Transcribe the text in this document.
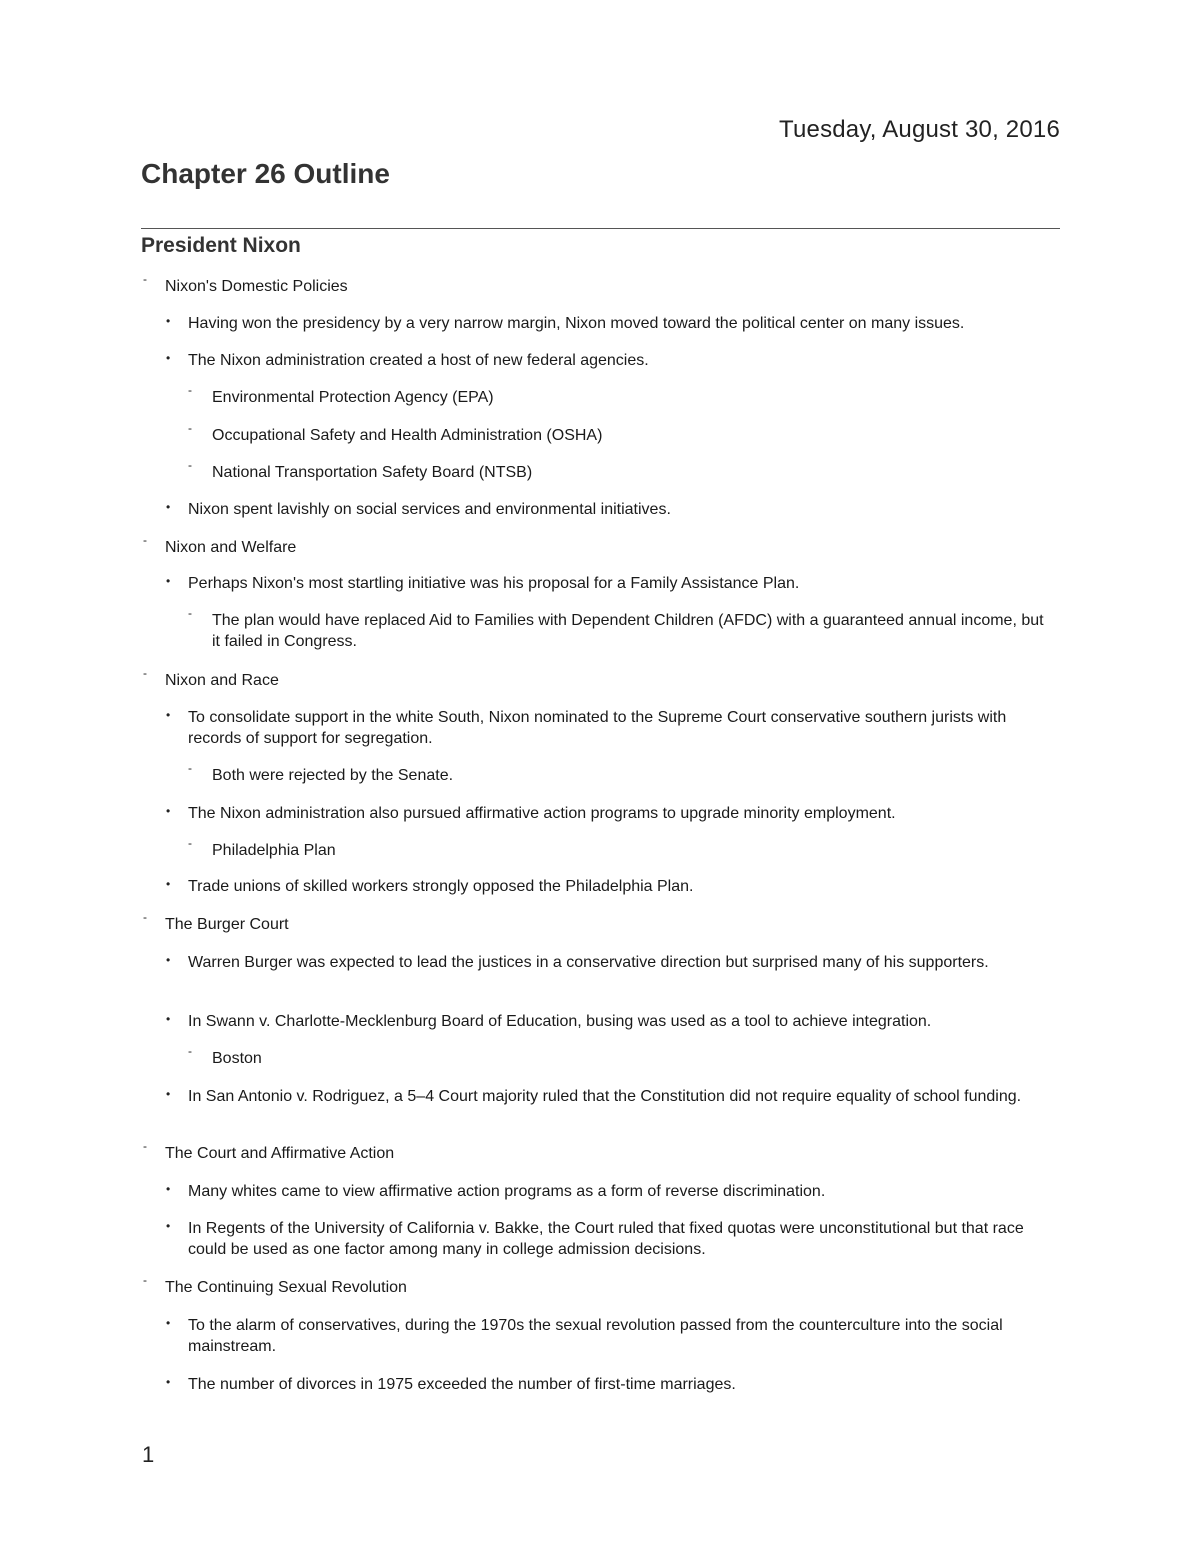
Tuesday, August 30, 2016
Chapter 26 Outline
President Nixon
- Nixon's Domestic Policies
• Having won the presidency by a very narrow margin, Nixon moved toward the political center on many issues.
• The Nixon administration created a host of new federal agencies.
- Environmental Protection Agency (EPA)
- Occupational Safety and Health Administration (OSHA)
- National Transportation Safety Board (NTSB)
• Nixon spent lavishly on social services and environmental initiatives.
- Nixon and Welfare
• Perhaps Nixon's most startling initiative was his proposal for a Family Assistance Plan.
- The plan would have replaced Aid to Families with Dependent Children (AFDC) with a guaranteed annual income, but it failed in Congress.
- Nixon and Race
• To consolidate support in the white South, Nixon nominated to the Supreme Court conservative southern jurists with records of support for segregation.
- Both were rejected by the Senate.
• The Nixon administration also pursued affirmative action programs to upgrade minority employment.
- Philadelphia Plan
• Trade unions of skilled workers strongly opposed the Philadelphia Plan.
- The Burger Court
• Warren Burger was expected to lead the justices in a conservative direction but surprised many of his supporters.
• In Swann v. Charlotte-Mecklenburg Board of Education, busing was used as a tool to achieve integration.
- Boston
• In San Antonio v. Rodriguez, a 5–4 Court majority ruled that the Constitution did not require equality of school funding.
- The Court and Affirmative Action
• Many whites came to view affirmative action programs as a form of reverse discrimination.
• In Regents of the University of California v. Bakke, the Court ruled that fixed quotas were unconstitutional but that race could be used as one factor among many in college admission decisions.
- The Continuing Sexual Revolution
• To the alarm of conservatives, during the 1970s the sexual revolution passed from the counterculture into the social mainstream.
• The number of divorces in 1975 exceeded the number of first-time marriages.
1
